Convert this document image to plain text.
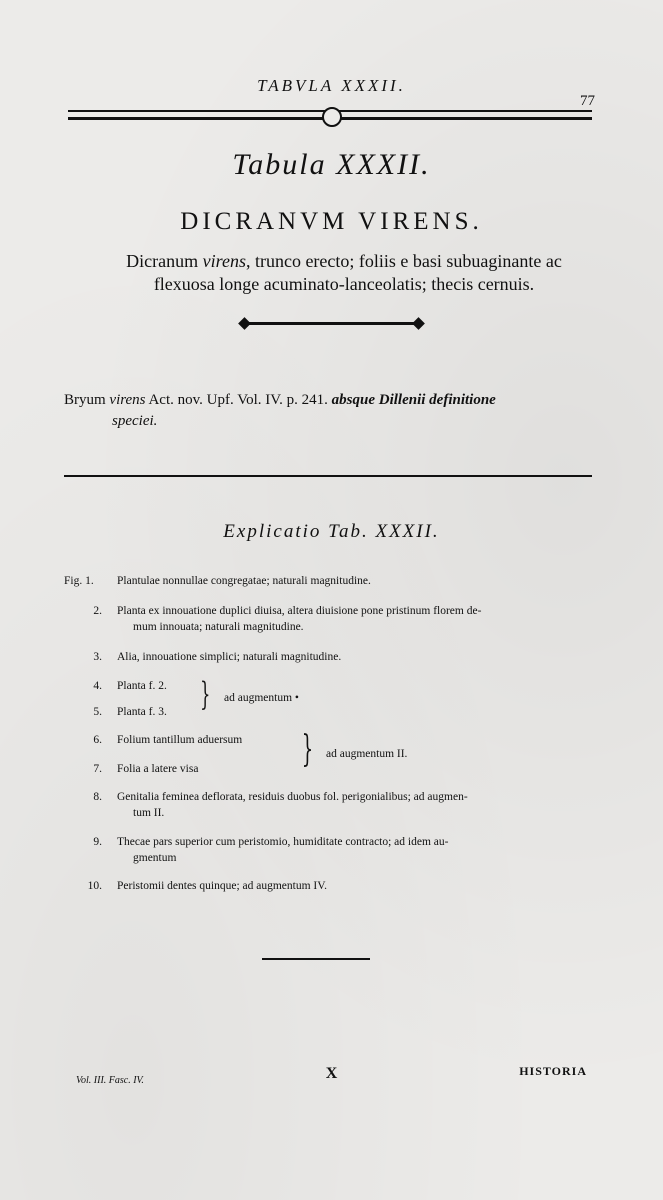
TABVLA XXXII.
77
Tabula XXXII.
DICRANVM VIRENS.
Dicranum virens, trunco erecto; foliis e basi subuaginante ac
flexuosa longe acuminato-lanceolatis; thecis cernuis.
Bryum virens Act. nov. Upf. Vol. IV. p. 241. absque Dillenii definitione
speciei.
Explicatio Tab. XXXII.
Fig. 1.	Plantulae nonnullae congregatae; naturali magnitudine.
2. Planta ex innouatione duplici diuisa, altera diuisione pone pristinum florem de-
mum innouata; naturali magnitudine.
3. Alia, innouatione simplici; naturali magnitudine.
4. Planta f. 2.
5. Planta f. 3. } ad augmentum •
6. Folium tantillum aduersum
7. Folia a latere visa	} ad augmentum II.
8. Genitalia feminea deflorata, residuis duobus fol. perigonialibus; ad augmen-
tum II.
9. Thecae pars superior cum peristomio, humiditate contracto; ad idem au-
gmentum
10. Peristomii dentes quinque; ad augmentum IV.
Vol. III. Fasc. IV.	X	HISTORIA
